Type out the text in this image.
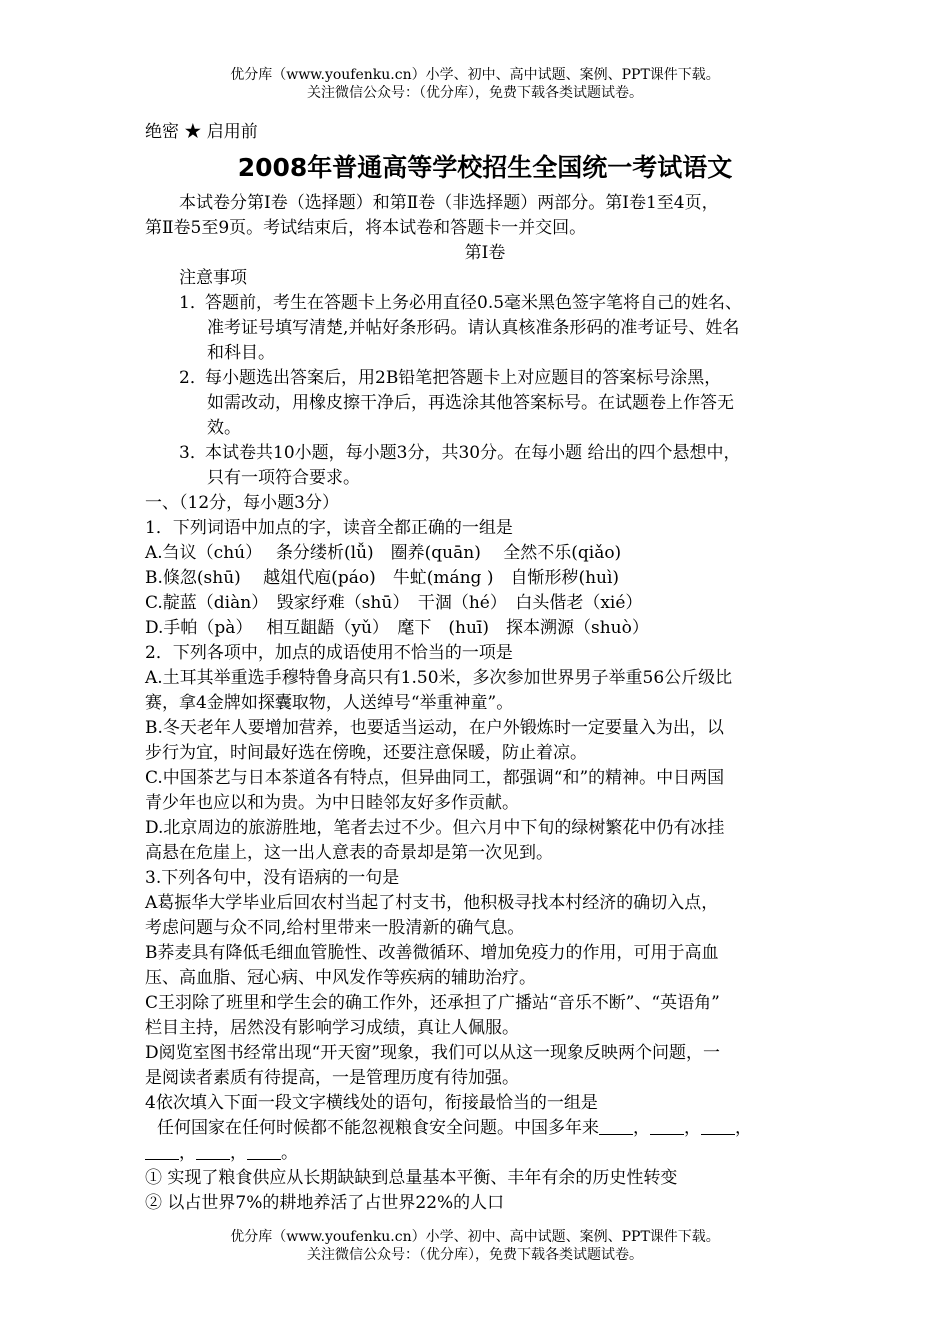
优分库（www.youfenku.cn）小学、初中、高中试题、案例、PPT课件下载。
关注微信公众号：（优分库），免费下载各类试题试卷。
绝密 ★ 启用前
2008年普通高等学校招生全国统一考试语文
本试卷分第Ⅰ卷（选择题）和第Ⅱ卷（非选择题）两部分。第Ⅰ卷1至4页，
第Ⅱ卷5至9页。考试结束后，将本试卷和答题卡一并交回。
第Ⅰ卷
注意事项
1．答题前，考生在答题卡上务必用直径0.5毫米黑色签字笔将自己的姓名、
准考证号填写清楚,并帖好条形码。请认真核准条形码的准考证号、姓名
和科目。
2．每小题选出答案后，用2B铅笔把答题卡上对应题目的答案标号涂黑，
如需改动，用橡皮擦干净后，再选涂其他答案标号。在试题卷上作答无
效。
3．本试卷共10小题，每小题3分，共30分。在每小题 给出的四个悬想中，
只有一项符合要求。
一、（12分，每小题3分）
1．下列词语中加点的字，读音全都正确的一组是
A.刍议（chú）　 条分缕析(lǚ)　圈养(quān)　 全然不乐(qiǎo)
B.倏忽(shū)　 越俎代庖(páo)　牛虻(máng )　自惭形秽(huì)
C.靛蓝（diàn）　毁家纾难（shū）　干涸（hé）　白头偕老（xié）
D.手帕（pà）　 相互龃龉（yǔ）　麾下　(huī)　探本溯源（shuò）
2．下列各项中，加点的成语使用不恰当的一项是
A.土耳其举重选手穆特鲁身高只有1.50米，多次参加世界男子举重56公斤级比
赛，拿4金牌如探囊取物，人送绰号“举重神童”。
B.冬天老年人要增加营养，也要适当运动，在户外锻炼时一定要量入为出，以
步行为宜，时间最好选在傍晚，还要注意保暖，防止着凉。
C.中国茶艺与日本茶道各有特点，但异曲同工，都强调“和”的精神。中日两国
青少年也应以和为贵。为中日睦邻友好多作贡献。
D.北京周边的旅游胜地，笔者去过不少。但六月中下旬的绿树繁花中仍有冰挂
高悬在危崖上，这一出人意表的奇景却是第一次见到。
3.下列各句中，没有语病的一句是
A葛振华大学毕业后回农村当起了村支书，他积极寻找本村经济的确切入点，
考虑问题与众不同,给村里带来一股清新的确气息。
B荞麦具有降低毛细血管脆性、改善微循环、增加免疫力的作用，可用于高血
压、高血脂、冠心病、中风发作等疾病的辅助治疗。
C王羽除了班里和学生会的确工作外，还承担了广播站“音乐不断”、“英语角”
栏目主持，居然没有影响学习成绩，真让人佩服。
D阅览室图书经常出现“开天窗”现象，我们可以从这一现象反映两个问题，一
是阅读者素质有待提高，一是管理历度有待加强。
4依次填入下面一段文字横线处的语句，衔接最恰当的一组是
任何国家在任何时候都不能忽视粮食安全问题。中国多年来 ， ， ，
， ， 。
① 实现了粮食供应从长期缺缺到总量基本平衡、丰年有余的历史性转变
② 以占世界7%的耕地养活了占世界22%的人口
优分库（www.youfenku.cn）小学、初中、高中试题、案例、PPT课件下载。
关注微信公众号：（优分库），免费下载各类试题试卷。
